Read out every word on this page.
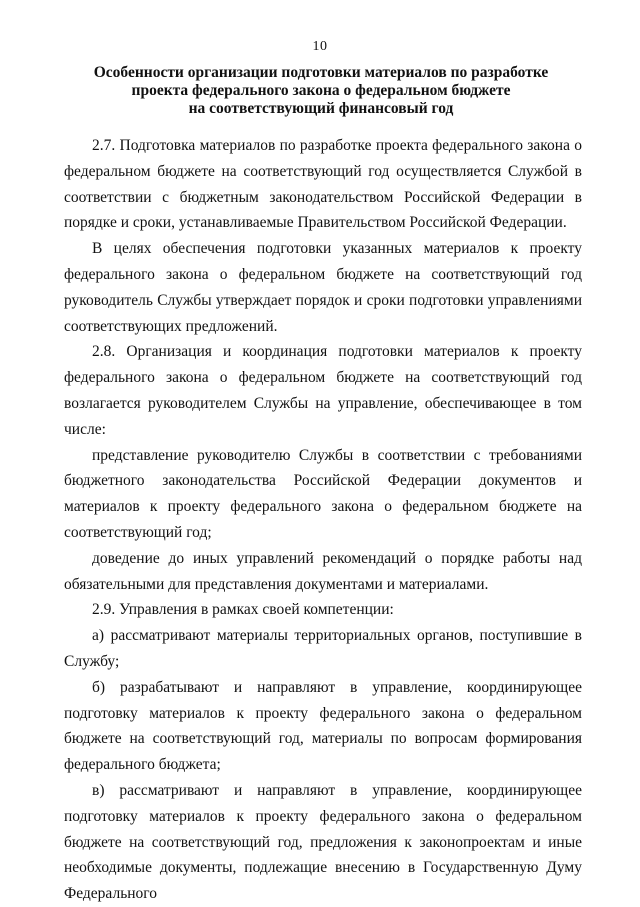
10
Особенности организации подготовки материалов по разработке
проекта федерального закона о федеральном бюджете
на соответствующий финансовый год

2.7. Подготовка материалов по разработке проекта федерального закона о федеральном бюджете на соответствующий год осуществляется Службой в соответствии с бюджетным законодательством Российской Федерации в порядке и сроки, устанавливаемые Правительством Российской Федерации.

В целях обеспечения подготовки указанных материалов к проекту федерального закона о федеральном бюджете на соответствующий год руководитель Службы утверждает порядок и сроки подготовки управлениями соответствующих предложений.

2.8. Организация и координация подготовки материалов к проекту федерального закона о федеральном бюджете на соответствующий год возлагается руководителем Службы на управление, обеспечивающее в том числе:

представление руководителю Службы в соответствии с требованиями бюджетного законодательства Российской Федерации документов и материалов к проекту федерального закона о федеральном бюджете на соответствующий год;

доведение до иных управлений рекомендаций о порядке работы над обязательными для представления документами и материалами.

2.9. Управления в рамках своей компетенции:

а) рассматривают материалы территориальных органов, поступившие в Службу;

б) разрабатывают и направляют в управление, координирующее подготовку материалов к проекту федерального закона о федеральном бюджете на соответствующий год, материалы по вопросам формирования федерального бюджета;

в) рассматривают и направляют в управление, координирующее подготовку материалов к проекту федерального закона о федеральном бюджете на соответствующий год, предложения к законопроектам и иные необходимые документы, подлежащие внесению в Государственную Думу Федерального
